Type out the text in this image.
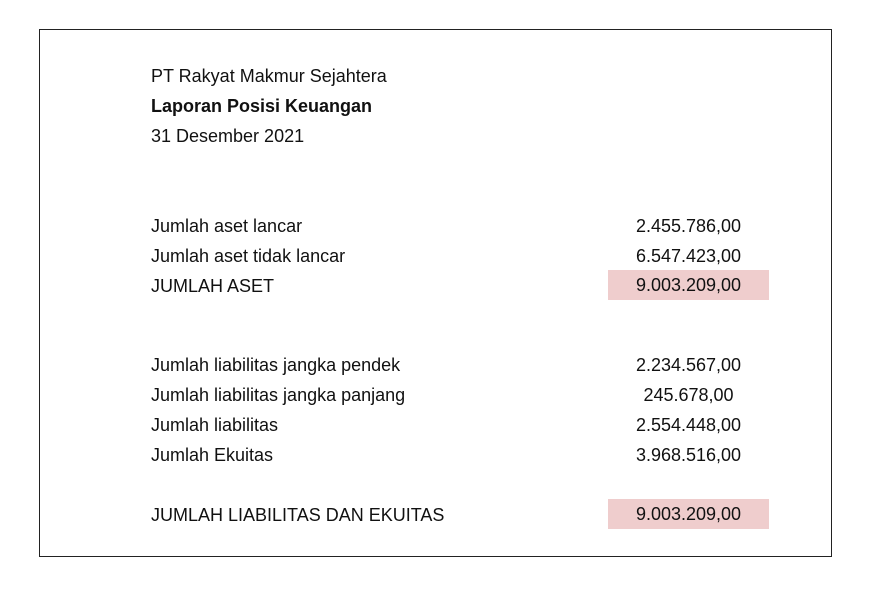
PT Rakyat Makmur Sejahtera
Laporan Posisi Keuangan
31 Desember 2021
Jumlah aset lancar	2.455.786,00
Jumlah aset tidak lancar	6.547.423,00
JUMLAH ASET	9.003.209,00
Jumlah liabilitas jangka pendek	2.234.567,00
Jumlah liabilitas jangka panjang	245.678,00
Jumlah liabilitas	2.554.448,00
Jumlah Ekuitas	3.968.516,00
JUMLAH LIABILITAS DAN EKUITAS	9.003.209,00
